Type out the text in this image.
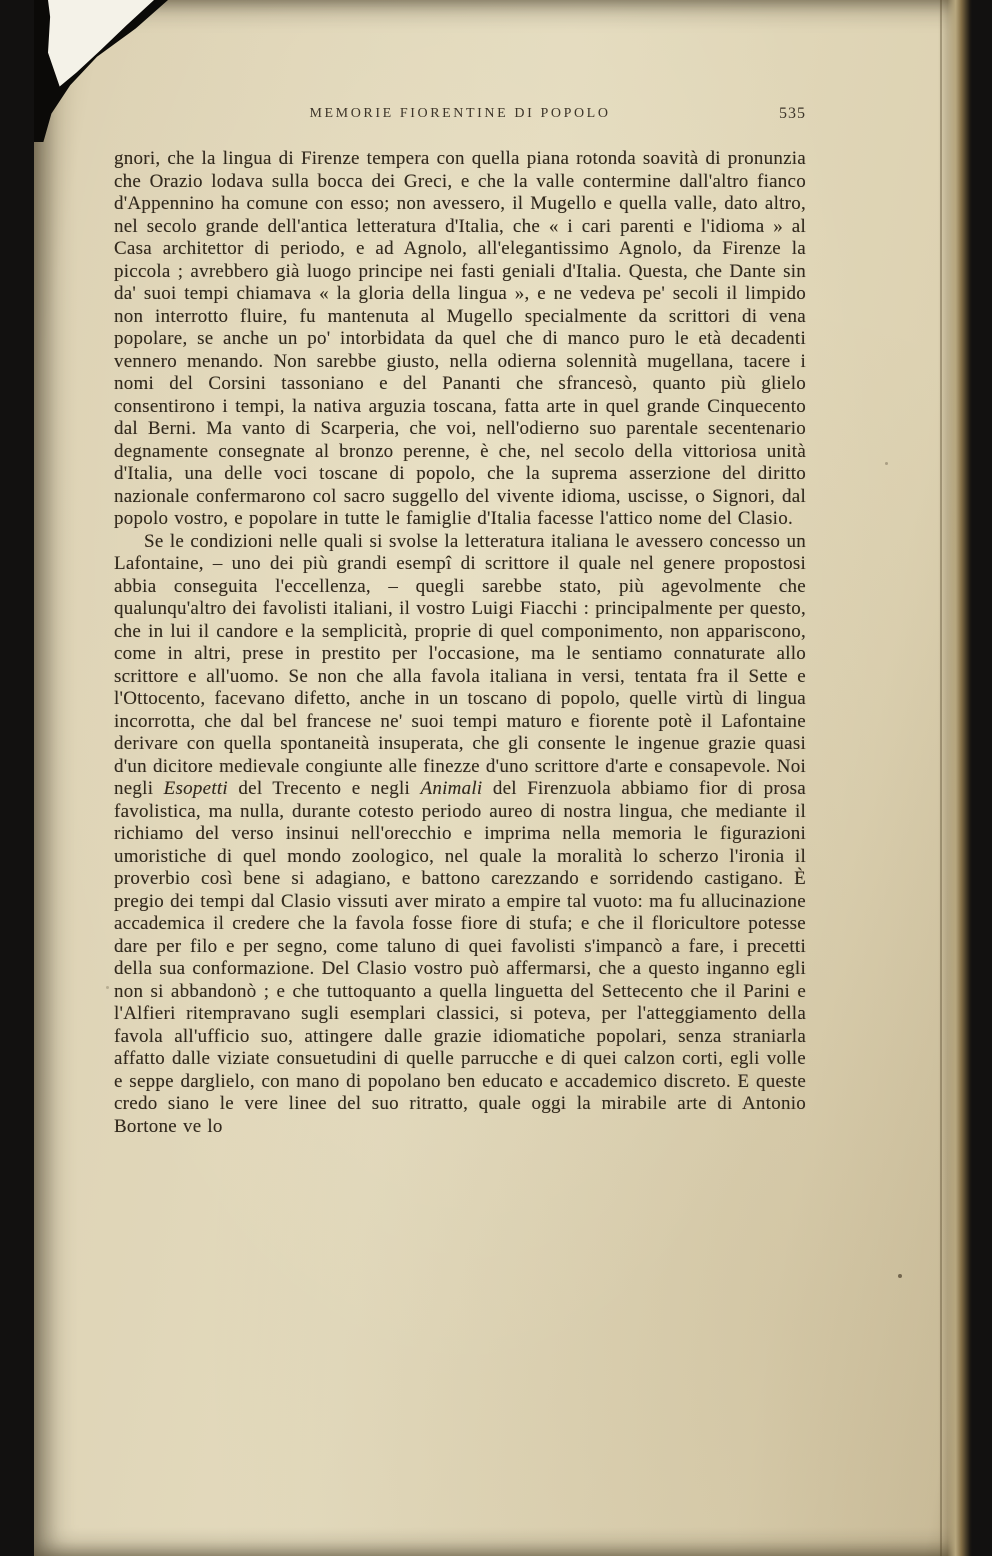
MEMORIE FIORENTINE DI POPOLO	535

gnori, che la lingua di Firenze tempera con quella piana rotonda soavità di pronunzia che Orazio lodava sulla bocca dei Greci, e che la valle contermine dall'altro fianco d'Appennino ha comune con esso; non avessero, il Mugello e quella valle, dato altro, nel secolo grande dell'antica letteratura d'Italia, che « i cari parenti e l'idioma » al Casa architettor di periodo, e ad Agnolo, all'elegantissimo Agnolo, da Firenze la piccola ; avrebbero già luogo principe nei fasti geniali d'Italia. Questa, che Dante sin da' suoi tempi chiamava « la gloria della lingua », e ne vedeva pe' secoli il limpido non interrotto fluire, fu mantenuta al Mugello specialmente da scrittori di vena popolare, se anche un po' intorbidata da quel che di manco puro le età decadenti vennero menando. Non sarebbe giusto, nella odierna solennità mugellana, tacere i nomi del Corsini tassoniano e del Pananti che sfrancesò, quanto più glielo consentirono i tempi, la nativa arguzia toscana, fatta arte in quel grande Cinquecento dal Berni. Ma vanto di Scarperia, che voi, nell'odierno suo parentale secentenario degnamente consegnate al bronzo perenne, è che, nel secolo della vittoriosa unità d'Italia, una delle voci toscane di popolo, che la suprema asserzione del diritto nazionale confermarono col sacro suggello del vivente idioma, uscisse, o Signori, dal popolo vostro, e popolare in tutte le famiglie d'Italia facesse l'attico nome del Clasio.

Se le condizioni nelle quali si svolse la letteratura italiana le avessero concesso un Lafontaine, – uno dei più grandi esempî di scrittore il quale nel genere propostosi abbia conseguita l'eccellenza, – quegli sarebbe stato, più agevolmente che qualunqu'altro dei favolisti italiani, il vostro Luigi Fiacchi : principalmente per questo, che in lui il candore e la semplicità, proprie di quel componimento, non appariscono, come in altri, prese in prestito per l'occasione, ma le sentiamo connaturate allo scrittore e all'uomo. Se non che alla favola italiana in versi, tentata fra il Sette e l'Ottocento, facevano difetto, anche in un toscano di popolo, quelle virtù di lingua incorrotta, che dal bel francese ne' suoi tempi maturo e fiorente potè il Lafontaine derivare con quella spontaneità insuperata, che gli consente le ingenue grazie quasi d'un dicitore medievale congiunte alle finezze d'uno scrittore d'arte e consapevole. Noi negli Esopetti del Trecento e negli Animali del Firenzuola abbiamo fior di prosa favolistica, ma nulla, durante cotesto periodo aureo di nostra lingua, che mediante il richiamo del verso insinui nell'orecchio e imprima nella memoria le figurazioni umoristiche di quel mondo zoologico, nel quale la moralità lo scherzo l'ironia il proverbio così bene si adagiano, e battono carezzando e sorridendo castigano. È pregio dei tempi dal Clasio vissuti aver mirato a empire tal vuoto: ma fu allucinazione accademica il credere che la favola fosse fiore di stufa; e che il floricultore potesse dare per filo e per segno, come taluno di quei favolisti s'impancò a fare, i precetti della sua conformazione. Del Clasio vostro può affermarsi, che a questo inganno egli non si abbandonò ; e che tuttoquanto a quella linguetta del Settecento che il Parini e l'Alfieri ritempravano sugli esemplari classici, si poteva, per l'atteggiamento della favola all'ufficio suo, attingere dalle grazie idiomatiche popolari, senza straniarla affatto dalle viziate consuetudini di quelle parrucche e di quei calzon corti, egli volle e seppe darglielo, con mano di popolano ben educato e accademico discreto. E queste credo siano le vere linee del suo ritratto, quale oggi la mirabile arte di Antonio Bortone ve lo
